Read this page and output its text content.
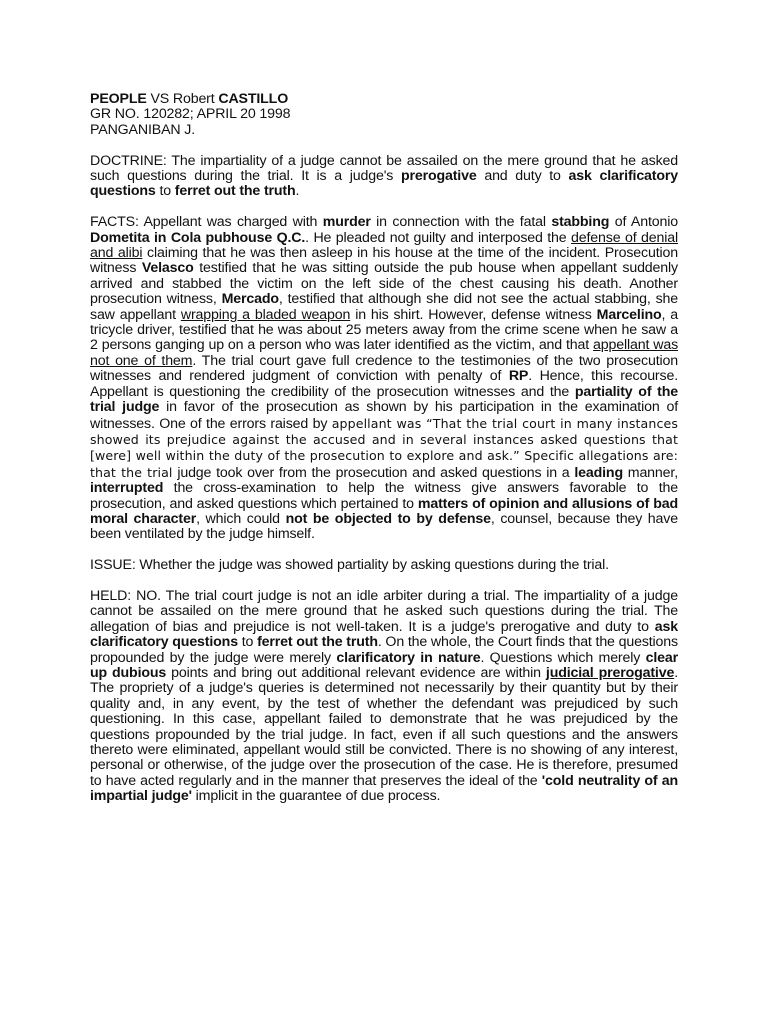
PEOPLE VS Robert CASTILLO
GR NO. 120282; APRIL 20 1998
PANGANIBAN J.

DOCTRINE: The impartiality of a judge cannot be assailed on the mere ground that he asked such questions during the trial. It is a judge's prerogative and duty to ask clarificatory questions to ferret out the truth.

FACTS: Appellant was charged with murder in connection with the fatal stabbing of Antonio Dometita in Cola pubhouse Q.C.. He pleaded not guilty and interposed the defense of denial and alibi claiming that he was then asleep in his house at the time of the incident. Prosecution witness Velasco testified that he was sitting outside the pub house when appellant suddenly arrived and stabbed the victim on the left side of the chest causing his death. Another prosecution witness, Mercado, testified that although she did not see the actual stabbing, she saw appellant wrapping a bladed weapon in his shirt. However, defense witness Marcelino, a tricycle driver, testified that he was about 25 meters away from the crime scene when he saw a 2 persons ganging up on a person who was later identified as the victim, and that appellant was not one of them. The trial court gave full credence to the testimonies of the two prosecution witnesses and rendered judgment of conviction with penalty of RP. Hence, this recourse. Appellant is questioning the credibility of the prosecution witnesses and the partiality of the trial judge in favor of the prosecution as shown by his participation in the examination of witnesses. One of the errors raised by appellant was “That the trial court in many instances showed its prejudice against the accused and in several instances asked questions that [were] well within the duty of the prosecution to explore and ask.” Specific allegations are: that the trial judge took over from the prosecution and asked questions in a leading manner, interrupted the cross-examination to help the witness give answers favorable to the prosecution, and asked questions which pertained to matters of opinion and allusions of bad moral character, which could not be objected to by defense, counsel, because they have been ventilated by the judge himself.

ISSUE: Whether the judge was showed partiality by asking questions during the trial.

HELD: NO. The trial court judge is not an idle arbiter during a trial. The impartiality of a judge cannot be assailed on the mere ground that he asked such questions during the trial. The allegation of bias and prejudice is not well-taken. It is a judge's prerogative and duty to ask clarificatory questions to ferret out the truth. On the whole, the Court finds that the questions propounded by the judge were merely clarificatory in nature. Questions which merely clear up dubious points and bring out additional relevant evidence are within judicial prerogative. The propriety of a judge's queries is determined not necessarily by their quantity but by their quality and, in any event, by the test of whether the defendant was prejudiced by such questioning. In this case, appellant failed to demonstrate that he was prejudiced by the questions propounded by the trial judge. In fact, even if all such questions and the answers thereto were eliminated, appellant would still be convicted. There is no showing of any interest, personal or otherwise, of the judge over the prosecution of the case. He is therefore, presumed to have acted regularly and in the manner that preserves the ideal of the 'cold neutrality of an impartial judge' implicit in the guarantee of due process.
